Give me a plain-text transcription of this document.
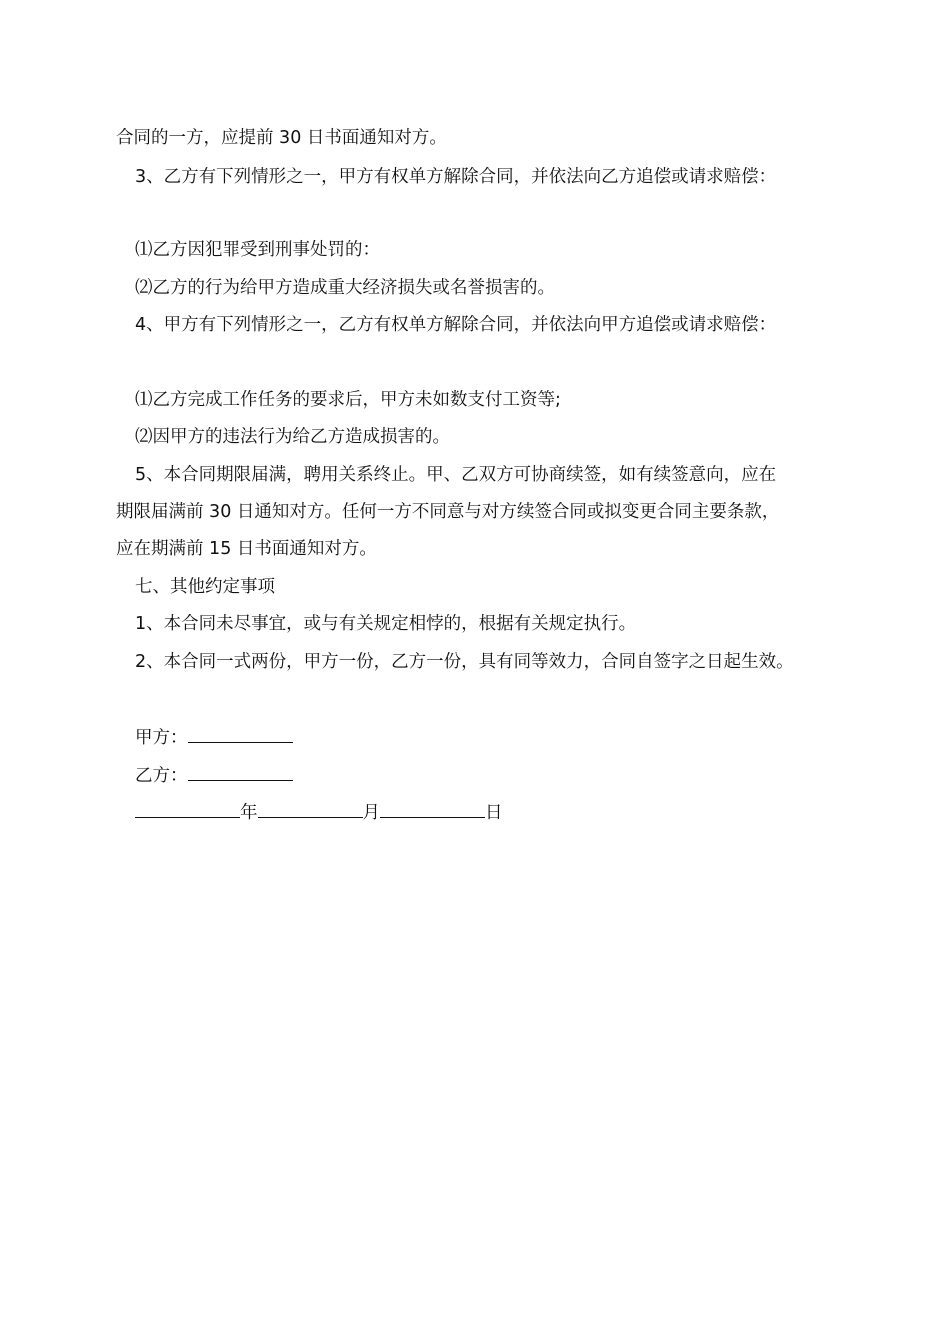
合同的一方，应提前 30 日书面通知对方。
3、乙方有下列情形之一，甲方有权单方解除合同，并依法向乙方追偿或请求赔偿：
⑴乙方因犯罪受到刑事处罚的：
⑵乙方的行为给甲方造成重大经济损失或名誉损害的。
4、甲方有下列情形之一，乙方有权单方解除合同，并依法向甲方追偿或请求赔偿：
⑴乙方完成工作任务的要求后，甲方未如数支付工资等;
⑵因甲方的违法行为给乙方造成损害的。
5、本合同期限届满，聘用关系终止。甲、乙双方可协商续签，如有续签意向，应在
期限届满前 30 日通知对方。任何一方不同意与对方续签合同或拟变更合同主要条款，
应在期满前 15 日书面通知对方。
七、其他约定事项
1、本合同未尽事宜，或与有关规定相悖的，根据有关规定执行。
2、本合同一式两份，甲方一份，乙方一份，具有同等效力，合同自签字之日起生效。
甲方：
乙方：
年	月	日
